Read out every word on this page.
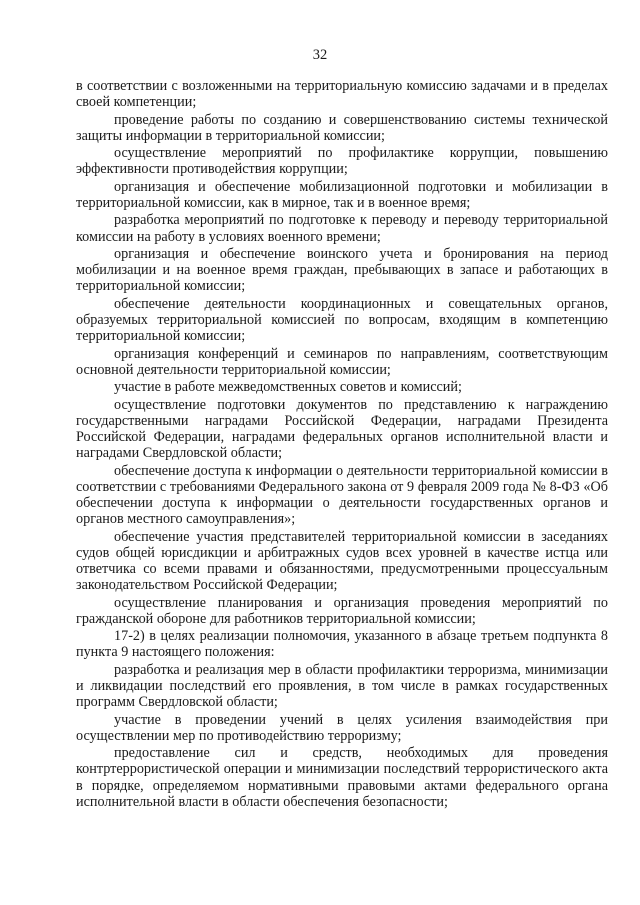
32

в соответствии с возложенными на территориальную комиссию задачами и в пределах своей компетенции;

проведение работы по созданию и совершенствованию системы технической защиты информации в территориальной комиссии;

осуществление мероприятий по профилактике коррупции, повышению эффективности противодействия коррупции;

организация и обеспечение мобилизационной подготовки и мобилизации в территориальной комиссии, как в мирное, так и в военное время;

разработка мероприятий по подготовке к переводу и переводу территориальной комиссии на работу в условиях военного времени;

организация и обеспечение воинского учета и бронирования на период мобилизации и на военное время граждан, пребывающих в запасе и работающих в территориальной комиссии;

обеспечение деятельности координационных и совещательных органов, образуемых территориальной комиссией по вопросам, входящим в компетенцию территориальной комиссии;

организация конференций и семинаров по направлениям, соответствующим основной деятельности территориальной комиссии;

участие в работе межведомственных советов и комиссий;

осуществление подготовки документов по представлению к награждению государственными наградами Российской Федерации, наградами Президента Российской Федерации, наградами федеральных органов исполнительной власти и наградами Свердловской области;

обеспечение доступа к информации о деятельности территориальной комиссии в соответствии с требованиями Федерального закона от 9 февраля 2009 года № 8-ФЗ «Об обеспечении доступа к информации о деятельности государственных органов и органов местного самоуправления»;

обеспечение участия представителей территориальной комиссии в заседаниях судов общей юрисдикции и арбитражных судов всех уровней в качестве истца или ответчика со всеми правами и обязанностями, предусмотренными процессуальным законодательством Российской Федерации;

осуществление планирования и организация проведения мероприятий по гражданской обороне для работников территориальной комиссии;

17-2) в целях реализации полномочия, указанного в абзаце третьем подпункта 8 пункта 9 настоящего положения:

разработка и реализация мер в области профилактики терроризма, минимизации и ликвидации последствий его проявления, в том числе в рамках государственных программ Свердловской области;

участие в проведении учений в целях усиления взаимодействия при осуществлении мер по противодействию терроризму;

предоставление сил и средств, необходимых для проведения контртеррористической операции и минимизации последствий террористического акта в порядке, определяемом нормативными правовыми актами федерального органа исполнительной власти в области обеспечения безопасности;
